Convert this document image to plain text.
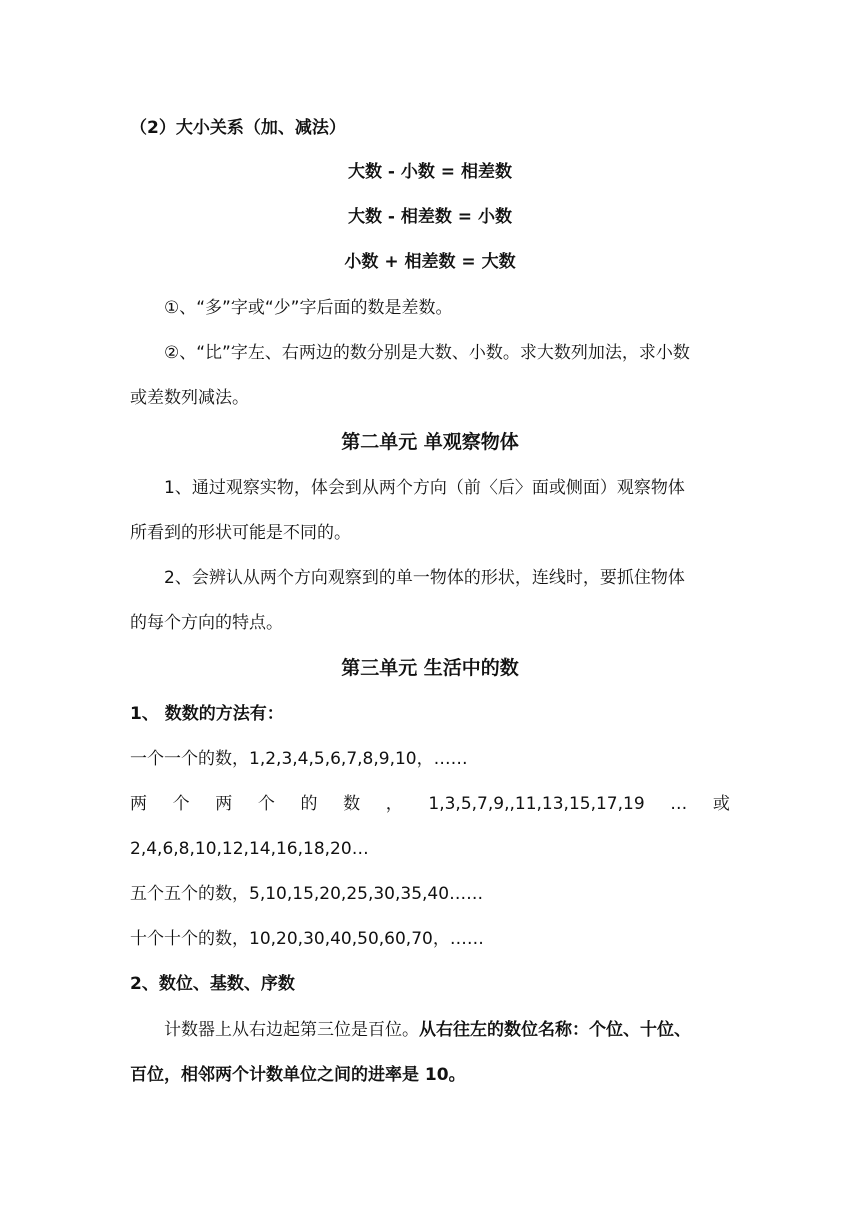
（2）大小关系（加、减法）
大数 - 小数 = 相差数
大数 - 相差数 = 小数
小数 + 相差数 = 大数
①、“多”字或“少”字后面的数是差数。
②、“比”字左、右两边的数分别是大数、小数。求大数列加法，求小数
或差数列减法。
第二单元 单观察物体
1、通过观察实物，体会到从两个方向（前〈后〉面或侧面）观察物体
所看到的形状可能是不同的。
2、会辨认从两个方向观察到的单一物体的形状，连线时，要抓住物体
的每个方向的特点。
第三单元 生活中的数
1、 数数的方法有：
一个一个的数，1,2,3,4,5,6,7,8,9,10，……
两 个 两 个 的 数 ， 1,3,5,7,9,,11,13,15,17,19 … 或
2,4,6,8,10,12,14,16,18,20…
五个五个的数，5,10,15,20,25,30,35,40……
十个十个的数，10,20,30,40,50,60,70，……
2、数位、基数、序数
计数器上从右边起第三位是百位。从右往左的数位名称：个位、十位、
百位，相邻两个计数单位之间的进率是 10。
